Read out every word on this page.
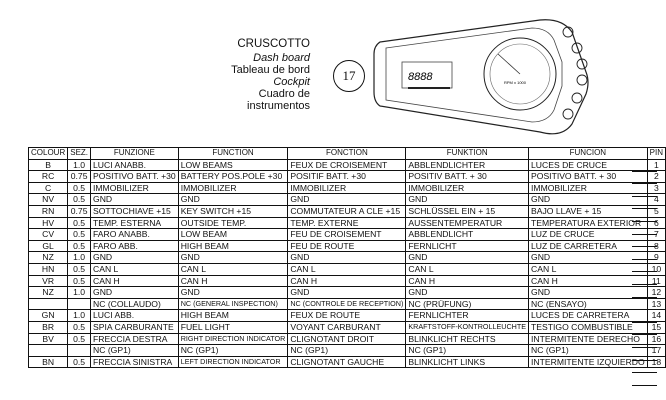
CRUSCOTTO
Dash board
Tableau de bord
Cockpit
Cuadro de instrumentos
17	8888	RPM x 1000
COLOUR	SEZ.	FUNZIONE	FUNCTION	FONCTION	FUNKTION	FUNCION	PIN
B	1.0	LUCI ANABB.	LOW BEAMS	FEUX DE CROISEMENT	ABBLENDLICHTER	LUCES DE CRUCE	1
RC	0.75	POSITIVO BATT. +30	BATTERY POS.POLE +30	POSITIF BATT. +30	POSITIV BATT. + 30	POSITIVO BATT. + 30	2
C	0.5	IMMOBILIZER	IMMOBILIZER	IMMOBILIZER	IMMOBILIZER	IMMOBILIZER	3
NV	0.5	GND	GND	GND	GND	GND	4
RN	0.75	SOTTOCHIAVE +15	KEY SWITCH +15	COMMUTATEUR A CLE +15	SCHLÜSSEL EIN + 15	BAJO LLAVE + 15	5
HV	0.5	TEMP. ESTERNA	OUTSIDE TEMP.	TEMP. EXTERNE	AUSSENTEMPERATUR	TEMPERATURA EXTERIOR	6
CV	0.5	FARO ANABB.	LOW BEAM	FEU DE CROISEMENT	ABBLENDLICHT	LUZ DE CRUCE	7
GL	0.5	FARO ABB.	HIGH BEAM	FEU DE ROUTE	FERNLICHT	LUZ DE CARRETERA	8
NZ	1.0	GND	GND	GND	GND	GND	9
HN	0.5	CAN L	CAN L	CAN L	CAN L	CAN L	10
VR	0.5	CAN H	CAN H	CAN H	CAN H	CAN H	11
NZ	1.0	GND	GND	GND	GND	GND	12
		NC (COLLAUDO)	NC (GENERAL INSPECTION)	NC (CONTROLE DE RECEPTION)	NC (PRÜFUNG)	NC (ENSAYO)	13
GN	1.0	LUCI ABB.	HIGH BEAM	FEUX DE ROUTE	FERNLICHTER	LUCES DE CARRETERA	14
BR	0.5	SPIA CARBURANTE	FUEL LIGHT	VOYANT CARBURANT	KRAFTSTOFF-KONTROLLEUCHTE	TESTIGO COMBUSTIBLE	15
BV	0.5	FRECCIA DESTRA	RIGHT DIRECTION INDICATOR	CLIGNOTANT DROIT	BLINKLICHT RECHTS	INTERMITENTE DERECHO	16
		NC (GP1)	NC (GP1)	NC (GP1)	NC (GP1)	NC (GP1)	17
BN	0.5	FRECCIA SINISTRA	LEFT DIRECTION INDICATOR	CLIGNOTANT GAUCHE	BLINKLICHT LINKS	INTERMITENTE IZQUIERDO	18
